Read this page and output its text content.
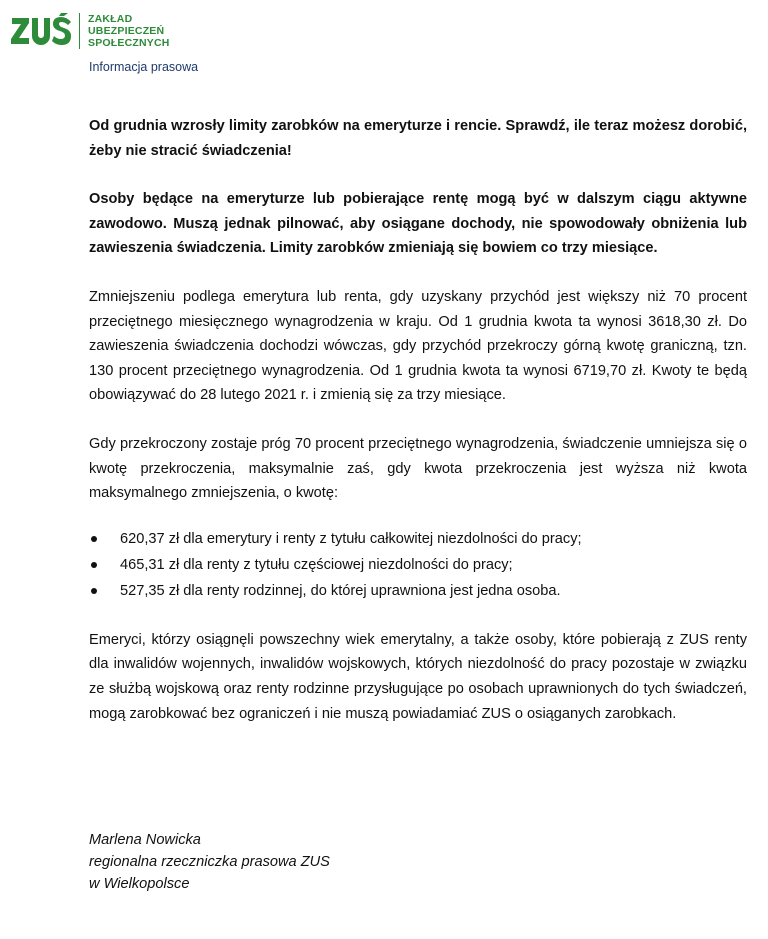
ZAKŁAD
UBEZPIECZEŃ
SPOŁECZNYCH
Informacja prasowa

Od grudnia wzrosły limity zarobków na emeryturze i rencie. Sprawdź, ile teraz możesz dorobić, żeby nie stracić świadczenia!

Osoby będące na emeryturze lub pobierające rentę mogą być w dalszym ciągu aktywne zawodowo. Muszą jednak pilnować, aby osiągane dochody, nie spowodowały obniżenia lub zawieszenia świadczenia. Limity zarobków zmieniają się bowiem co trzy miesiące.

Zmniejszeniu podlega emerytura lub renta, gdy uzyskany przychód jest większy niż 70 procent przeciętnego miesięcznego wynagrodzenia w kraju. Od 1 grudnia kwota ta wynosi 3618,30 zł. Do zawieszenia świadczenia dochodzi wówczas, gdy przychód przekroczy górną kwotę graniczną, tzn. 130 procent przeciętnego wynagrodzenia. Od 1 grudnia kwota ta wynosi 6719,70 zł. Kwoty te będą obowiązywać do 28 lutego 2021 r. i zmienią się za trzy miesiące.

Gdy przekroczony zostaje próg 70 procent przeciętnego wynagrodzenia, świadczenie umniejsza się o kwotę przekroczenia, maksymalnie zaś, gdy kwota przekroczenia jest wyższa niż kwota maksymalnego zmniejszenia, o kwotę:

620,37 zł dla emerytury i renty z tytułu całkowitej niezdolności do pracy;
465,31 zł dla renty z tytułu częściowej niezdolności do pracy;
527,35 zł dla renty rodzinnej, do której uprawniona jest jedna osoba.

Emeryci, którzy osiągnęli powszechny wiek emerytalny, a także osoby, które pobierają z ZUS renty dla inwalidów wojennych, inwalidów wojskowych, których niezdolność do pracy pozostaje w związku ze służbą wojskową oraz renty rodzinne przysługujące po osobach uprawnionych do tych świadczeń, mogą zarobkować bez ograniczeń i nie muszą powiadamiać ZUS o osiąganych zarobkach.

Marlena Nowicka
regionalna rzeczniczka prasowa ZUS
w Wielkopolsce
